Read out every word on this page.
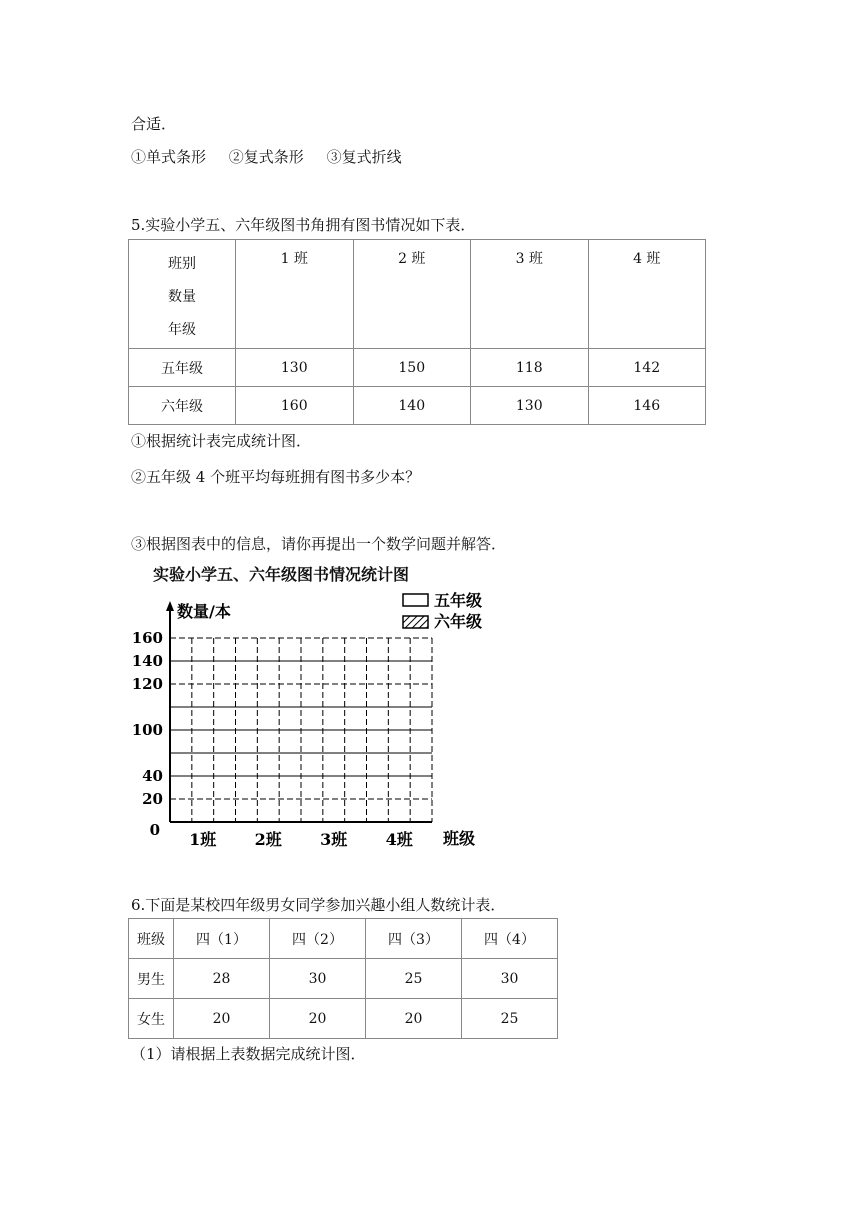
合适．
①单式条形 ②复式条形 ③复式折线
5.实验小学五、六年级图书角拥有图书情况如下表．
班别
数量
年级	1 班	2 班	3 班	4 班
五年级	130	150	118	142
六年级	160	140	130	146
①根据统计表完成统计图．
②五年级 4 个班平均每班拥有图书多少本？
③根据图表中的信息，请你再提出一个数学问题并解答．
实验小学五、六年级图书情况统计图
数量/本
班级
0
20
40
100
120
140
160
1班 2班 3班 4班
五年级
六年级
6.下面是某校四年级男女同学参加兴趣小组人数统计表．
班级	四（1）	四（2）	四（3）	四（4）
男生	28	30	25	30
女生	20	20	20	25
（1）请根据上表数据完成统计图．
